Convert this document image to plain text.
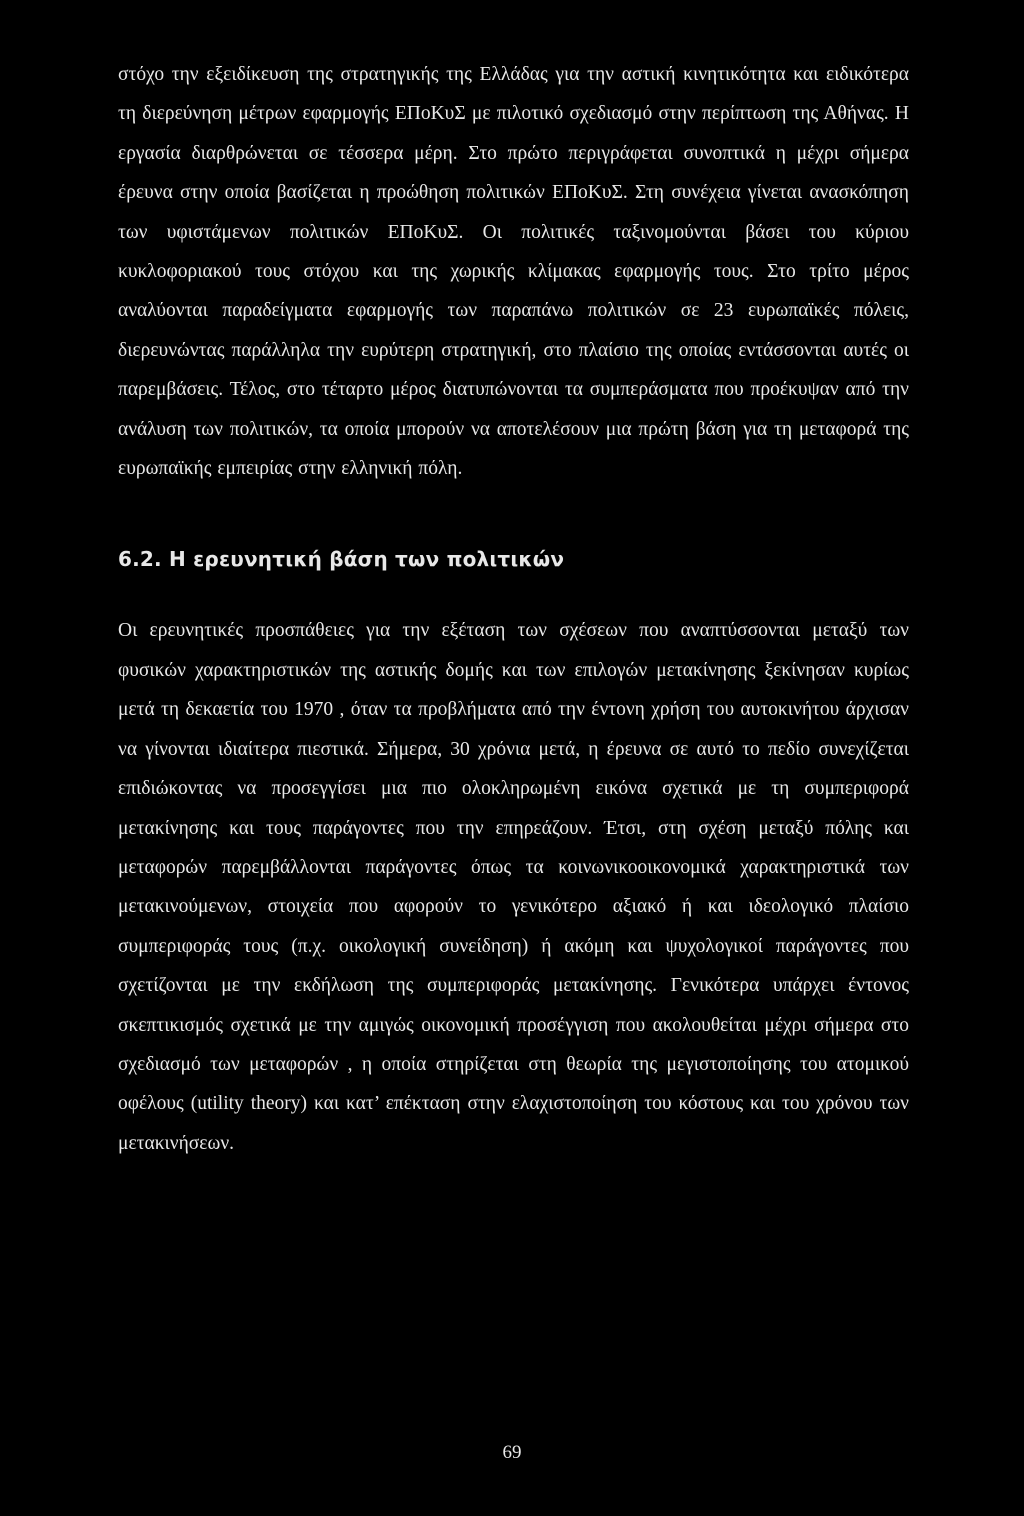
στόχο την εξειδίκευση της στρατηγικής της Ελλάδας για την αστική κινητικότητα και ειδικότερα τη διερεύνηση μέτρων εφαρμογής ΕΠοΚυΣ με πιλοτικό σχεδιασμό στην περίπτωση της Αθήνας. Η εργασία διαρθρώνεται σε τέσσερα μέρη. Στο πρώτο περιγράφεται συνοπτικά η μέχρι σήμερα έρευνα στην οποία βασίζεται η προώθηση πολιτικών ΕΠοΚυΣ. Στη συνέχεια γίνεται ανασκόπηση των υφιστάμενων πολιτικών ΕΠοΚυΣ. Οι πολιτικές ταξινομούνται βάσει του κύριου κυκλοφοριακού τους στόχου και της χωρικής κλίμακας εφαρμογής τους. Στο τρίτο μέρος αναλύονται παραδείγματα εφαρμογής των παραπάνω πολιτικών σε 23 ευρωπαϊκές πόλεις, διερευνώντας παράλληλα την ευρύτερη στρατηγική, στο πλαίσιο της οποίας εντάσσονται αυτές οι παρεμβάσεις. Τέλος, στο τέταρτο μέρος διατυπώνονται τα συμπεράσματα που προέκυψαν από την ανάλυση των πολιτικών, τα οποία μπορούν να αποτελέσουν μια πρώτη βάση για τη μεταφορά της ευρωπαϊκής εμπειρίας στην ελληνική πόλη.

6.2. Η ερευνητική βάση των πολιτικών

Οι ερευνητικές προσπάθειες για την εξέταση των σχέσεων που αναπτύσσονται μεταξύ των φυσικών χαρακτηριστικών της αστικής δομής και των επιλογών μετακίνησης ξεκίνησαν κυρίως μετά τη δεκαετία του 1970 , όταν τα προβλήματα από την έντονη χρήση του αυτοκινήτου άρχισαν να γίνονται ιδιαίτερα πιεστικά. Σήμερα, 30 χρόνια μετά, η έρευνα σε αυτό το πεδίο συνεχίζεται επιδιώκοντας να προσεγγίσει μια πιο ολοκληρωμένη εικόνα σχετικά με τη συμπεριφορά μετακίνησης και τους παράγοντες που την επηρεάζουν. Έτσι, στη σχέση μεταξύ πόλης και μεταφορών παρεμβάλλονται παράγοντες όπως τα κοινωνικοοικονομικά χαρακτηριστικά των μετακινούμενων, στοιχεία που αφορούν το γενικότερο αξιακό ή και ιδεολογικό πλαίσιο συμπεριφοράς τους (π.χ. οικολογική συνείδηση) ή ακόμη και ψυχολογικοί παράγοντες που σχετίζονται με την εκδήλωση της συμπεριφοράς μετακίνησης. Γενικότερα υπάρχει έντονος σκεπτικισμός σχετικά με την αμιγώς οικονομική προσέγγιση που ακολουθείται μέχρι σήμερα στο σχεδιασμό των μεταφορών , η οποία στηρίζεται στη θεωρία της μεγιστοποίησης του ατομικού οφέλους (utility theory) και κατ’ επέκταση στην ελαχιστοποίηση του κόστους και του χρόνου των μετακινήσεων.

69
